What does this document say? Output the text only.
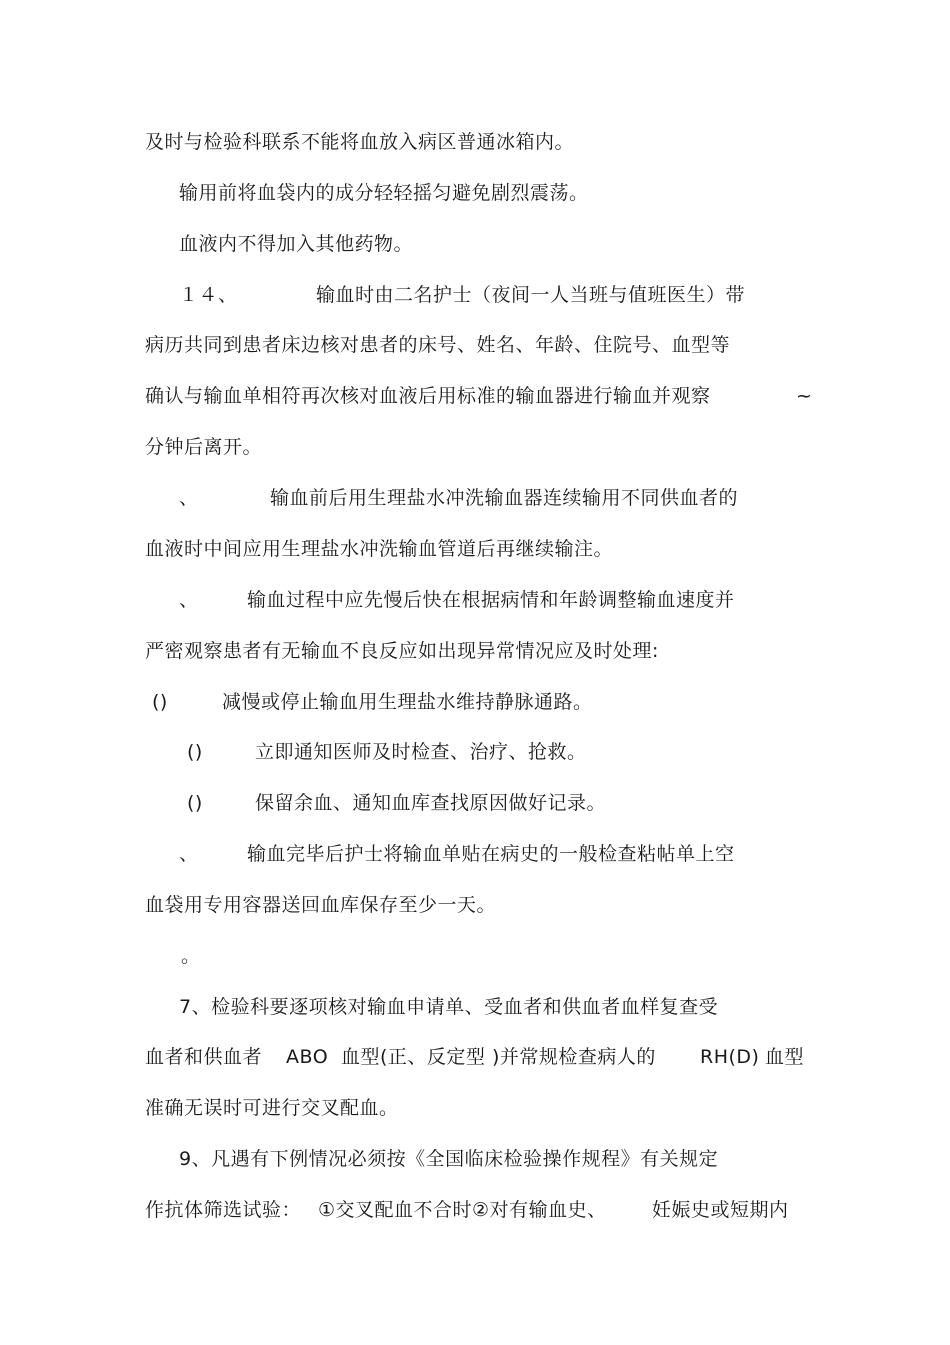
及时与检验科联系不能将血放入病区普通冰箱内。
输用前将血袋内的成分轻轻摇匀避免剧烈震荡。
血液内不得加入其他药物。
１４、	输血时由二名护士（夜间一人当班与值班医生）带
病历共同到患者床边核对患者的床号、姓名、年龄、住院号、血型等
确认与输血单相符再次核对血液后用标准的输血器进行输血并观察	~
分钟后离开。
、	输血前后用生理盐水冲洗输血器连续输用不同供血者的
血液时中间应用生理盐水冲洗输血管道后再继续输注。
、	输血过程中应先慢后快在根据病情和年龄调整输血速度并
严密观察患者有无输血不良反应如出现异常情况应及时处理:
()	减慢或停止输血用生理盐水维持静脉通路。
()	立即通知医师及时检查、治疗、抢救。
()	保留余血、通知血库查找原因做好记录。
、	输血完毕后护士将输血单贴在病史的一般检查粘帖单上空
血袋用专用容器送回血库保存至少一天。
。
7、检验科要逐项核对输血申请单、受血者和供血者血样复查受
血者和供血者 ABO 血型(正、反定型 )并常规检查病人的 RH(D) 血型
准确无误时可进行交叉配血。
9、凡遇有下例情况必须按《全国临床检验操作规程》有关规定
作抗体筛选试验： ①交叉配血不合时②对有输血史、 妊娠史或短期内
